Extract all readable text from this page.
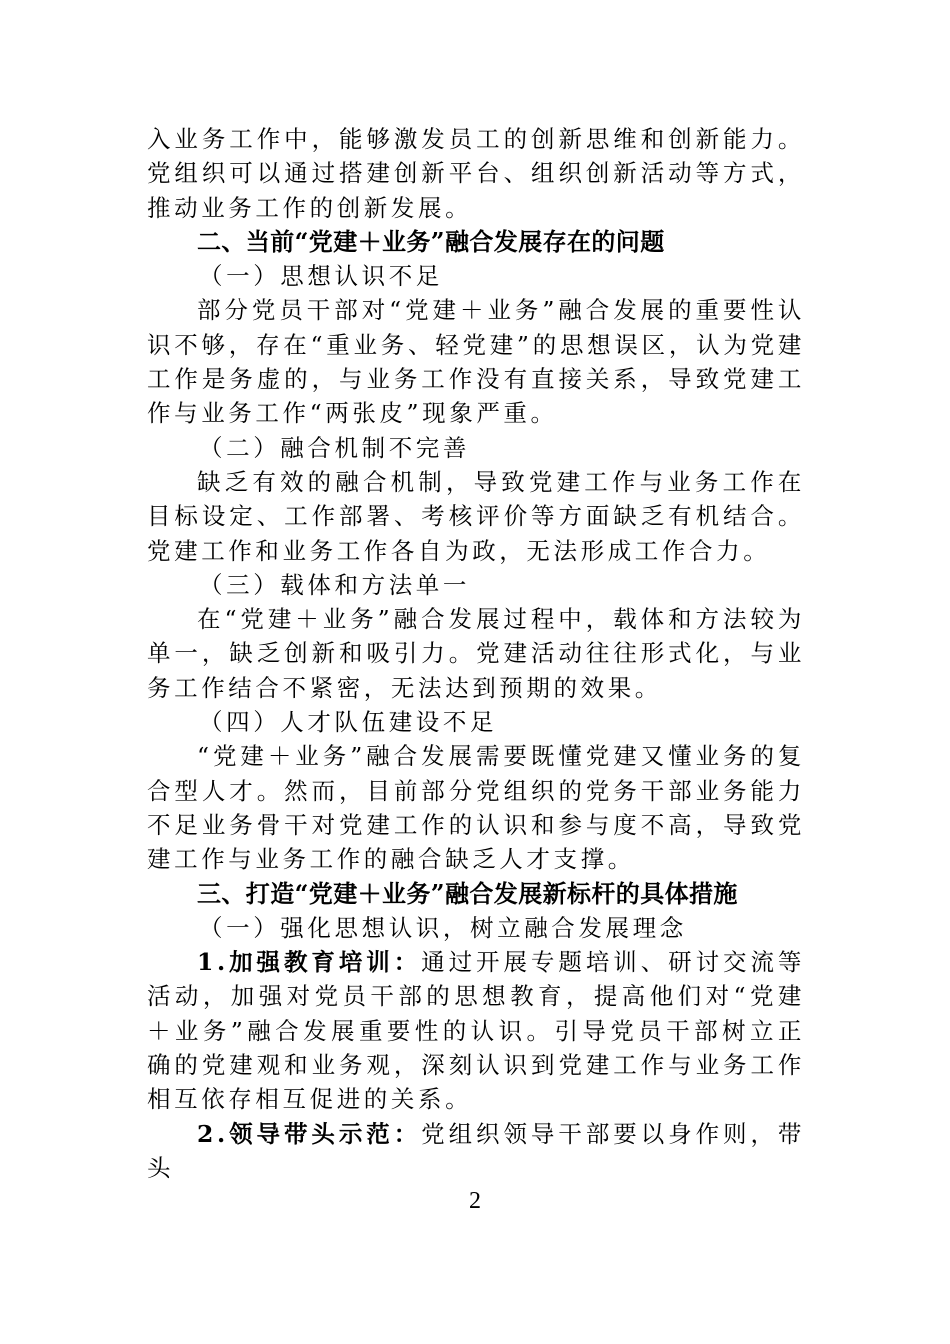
入业务工作中，能够激发员工的创新思维和创新能力。党组织可以通过搭建创新平台、组织创新活动等方式，推动业务工作的创新发展。

二、当前“党建＋业务”融合发展存在的问题

（一）思想认识不足

部分党员干部对“党建＋业务”融合发展的重要性认识不够，存在“重业务、轻党建”的思想误区，认为党建工作是务虚的，与业务工作没有直接关系，导致党建工作与业务工作“两张皮”现象严重。

（二）融合机制不完善

缺乏有效的融合机制，导致党建工作与业务工作在目标设定、工作部署、考核评价等方面缺乏有机结合。党建工作和业务工作各自为政，无法形成工作合力。

（三）载体和方法单一

在“党建＋业务”融合发展过程中，载体和方法较为单一，缺乏创新和吸引力。党建活动往往形式化，与业务工作结合不紧密，无法达到预期的效果。

（四）人才队伍建设不足

“党建＋业务”融合发展需要既懂党建又懂业务的复合型人才。然而，目前部分党组织的党务干部业务能力不足业务骨干对党建工作的认识和参与度不高，导致党建工作与业务工作的融合缺乏人才支撑。

三、打造“党建＋业务”融合发展新标杆的具体措施

（一）强化思想认识，树立融合发展理念

1.加强教育培训：通过开展专题培训、研讨交流等活动，加强对党员干部的思想教育，提高他们对“党建＋业务”融合发展重要性的认识。引导党员干部树立正确的党建观和业务观，深刻认识到党建工作与业务工作相互依存相互促进的关系。

2.领导带头示范：党组织领导干部要以身作则，带头

2
